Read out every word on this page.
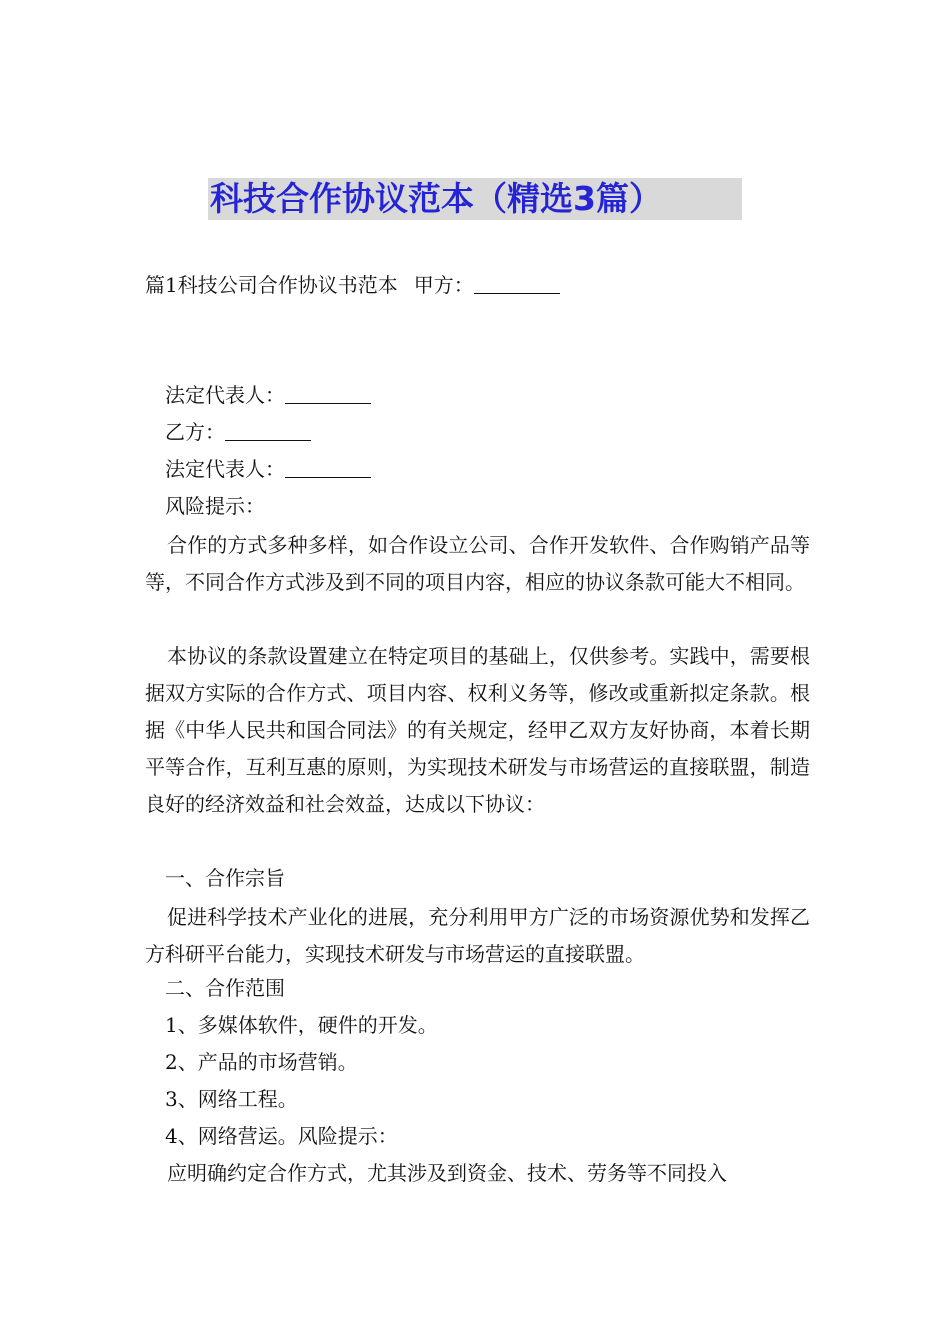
科技合作协议范本（精选3篇）
篇1科技公司合作协议书范本 甲方：
法定代表人：
乙方：
法定代表人：
风险提示：
合作的方式多种多样，如合作设立公司、合作开发软件、合作购销产品等等，不同合作方式涉及到不同的项目内容，相应的协议条款可能大不相同。
本协议的条款设置建立在特定项目的基础上，仅供参考。实践中，需要根据双方实际的合作方式、项目内容、权利义务等，修改或重新拟定条款。根据《中华人民共和国合同法》的有关规定，经甲乙双方友好协商，本着长期平等合作，互利互惠的原则，为实现技术研发与市场营运的直接联盟，制造良好的经济效益和社会效益，达成以下协议：
一、合作宗旨
促进科学技术产业化的进展，充分利用甲方广泛的市场资源优势和发挥乙方科研平台能力，实现技术研发与市场营运的直接联盟。
二、合作范围
1、多媒体软件，硬件的开发。
2、产品的市场营销。
3、网络工程。
4、网络营运。风险提示：
应明确约定合作方式，尤其涉及到资金、技术、劳务等不同投入
